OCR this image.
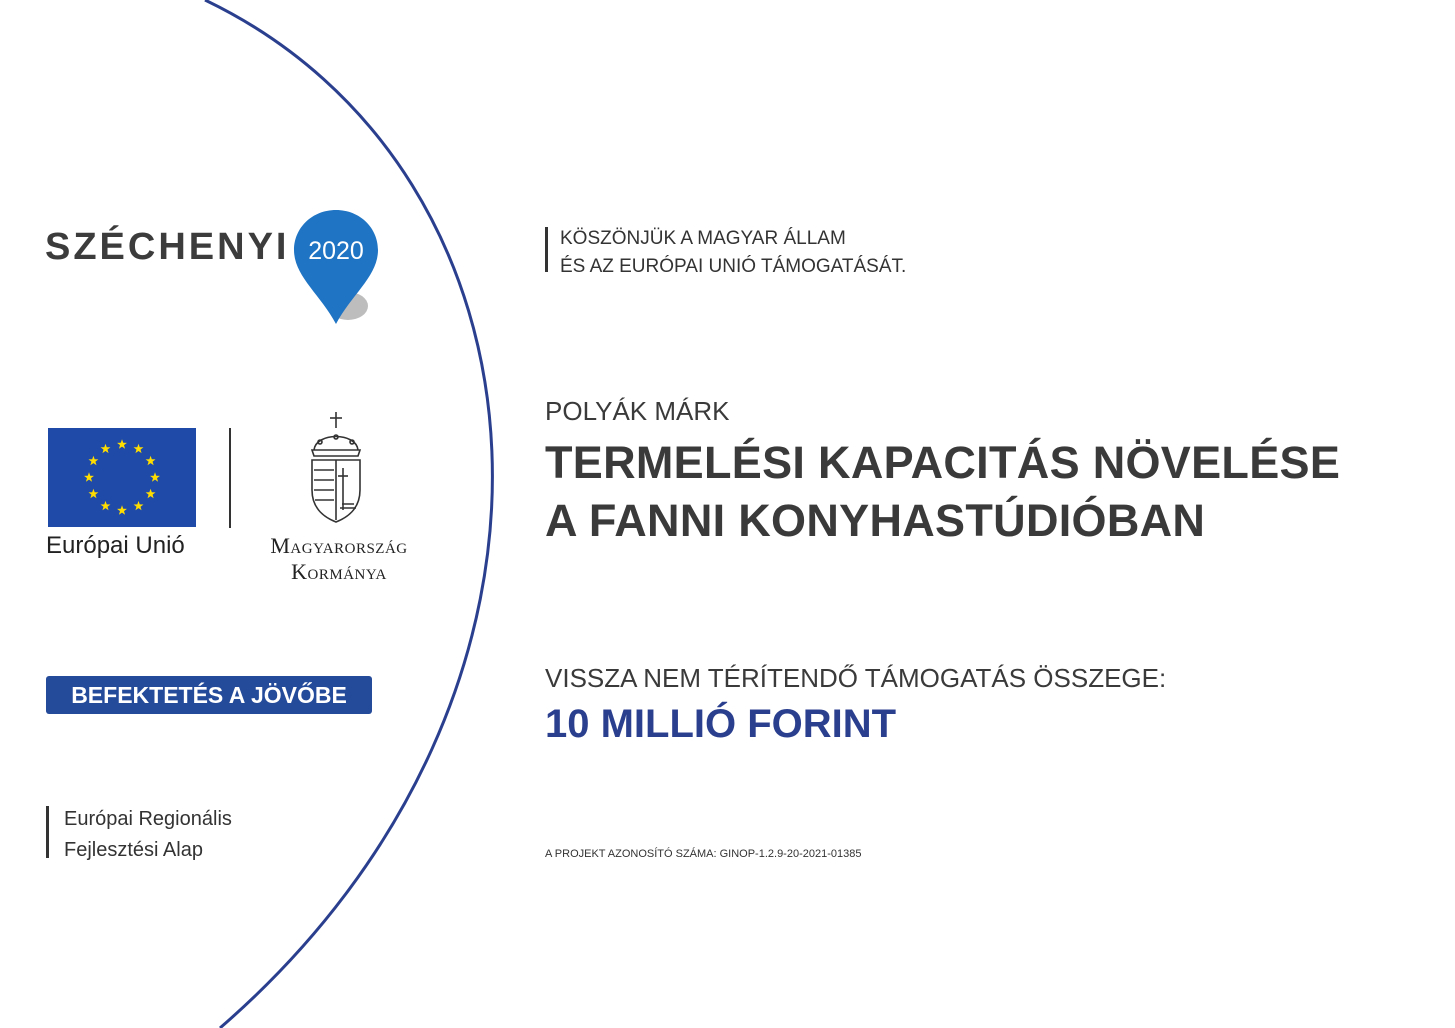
SZÉCHENYI 2020
Európai Unió	Magyarország
Kormánya
BEFEKTETÉS A JÖVŐBE
Európai Regionális
Fejlesztési Alap
KÖSZÖNJÜK A MAGYAR ÁLLAM
ÉS AZ EURÓPAI UNIÓ TÁMOGATÁSÁT.
POLYÁK MÁRK
TERMELÉSI KAPACITÁS NÖVELÉSE
A FANNI KONYHASTÚDIÓBAN
VISSZA NEM TÉRÍTENDŐ TÁMOGATÁS ÖSSZEGE:
10 MILLIÓ FORINT
A PROJEKT AZONOSÍTÓ SZÁMA: GINOP-1.2.9-20-2021-01385
